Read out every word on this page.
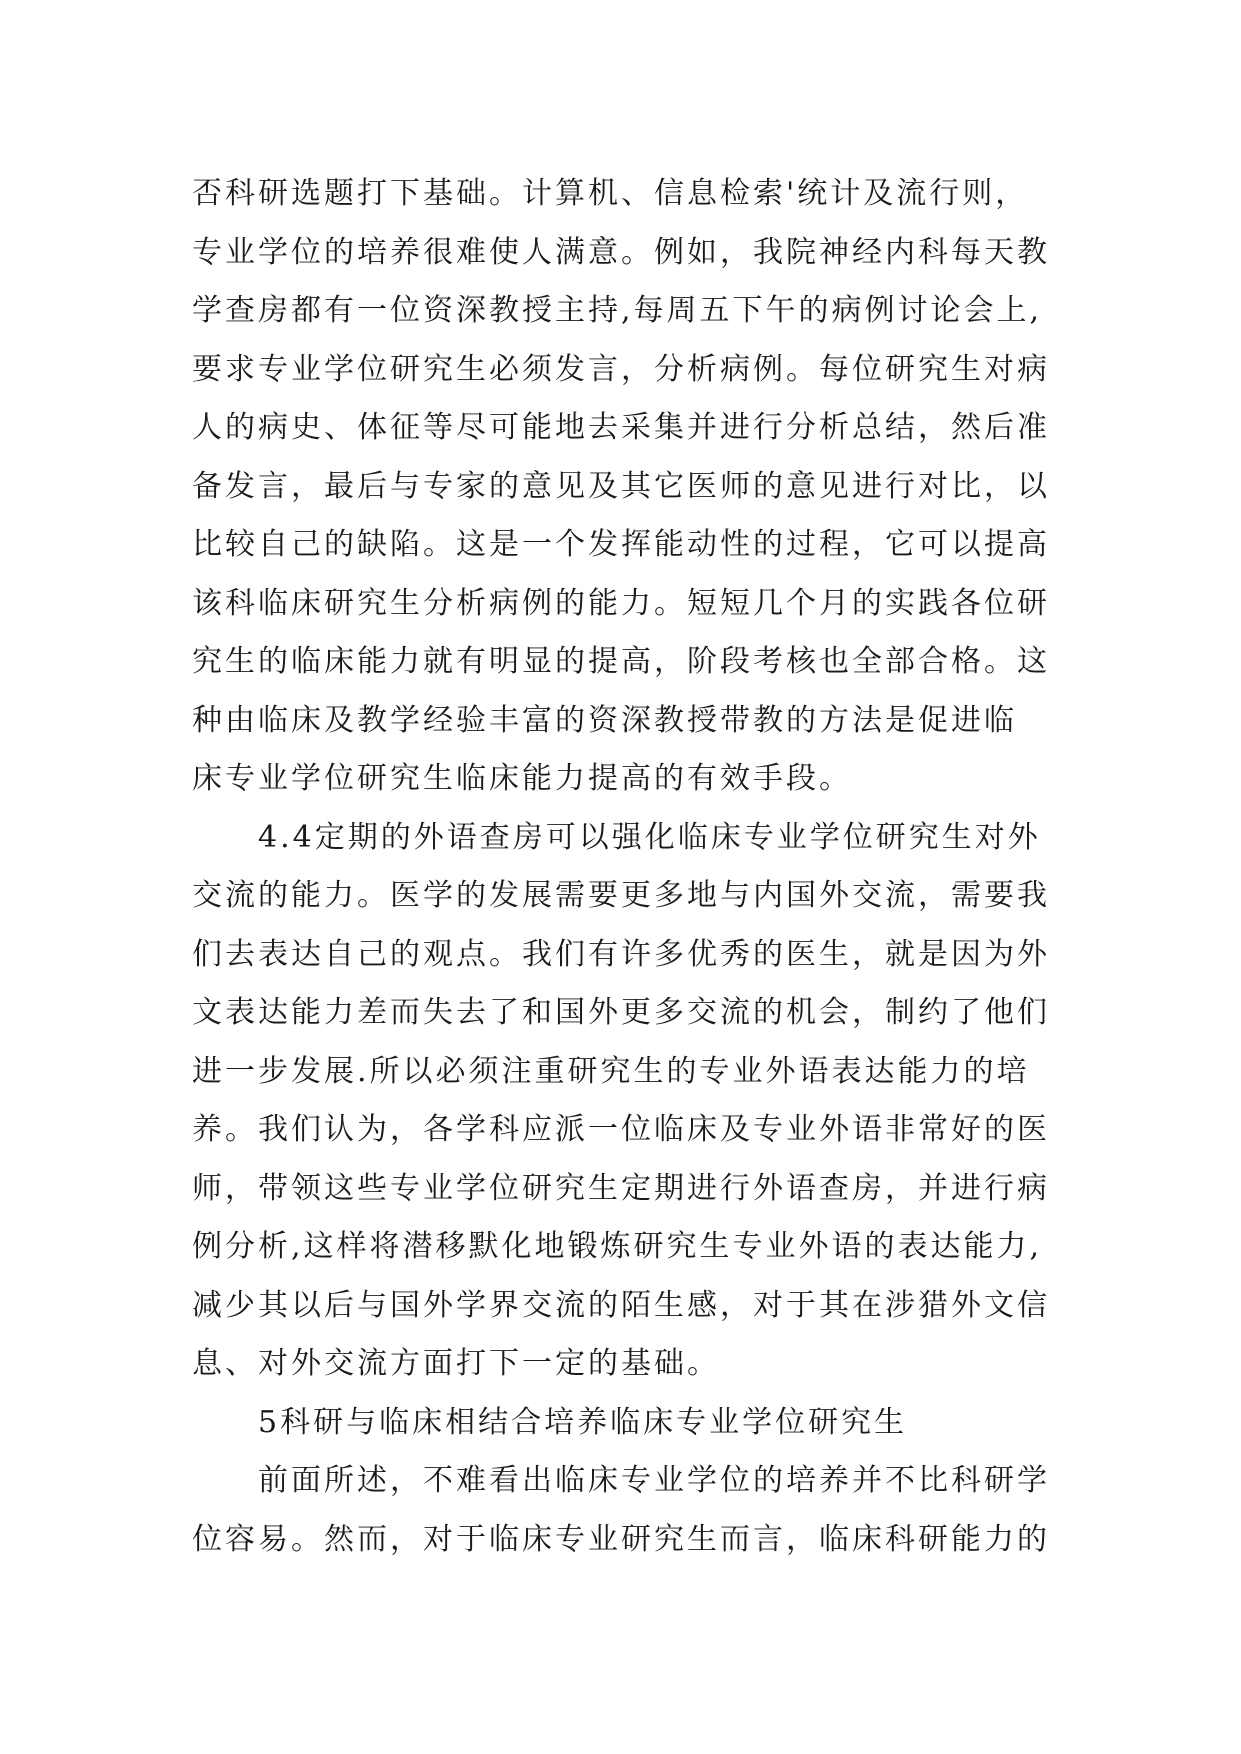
否科研选题打下基础。计算机、信息检索'统计及流行则，
专业学位的培养很难使人满意。例如，我院神经内科每天教
学查房都有一位资深教授主持,每周五下午的病例讨论会上,
要求专业学位研究生必须发言，分析病例。每位研究生对病
人的病史、体征等尽可能地去采集并进行分析总结，然后准
备发言，最后与专家的意见及其它医师的意见进行对比，以
比较自己的缺陷。这是一个发挥能动性的过程，它可以提高
该科临床研究生分析病例的能力。短短几个月的实践各位研
究生的临床能力就有明显的提高，阶段考核也全部合格。这
种由临床及教学经验丰富的资深教授带教的方法是促进临
床专业学位研究生临床能力提高的有效手段。
4.4定期的外语查房可以强化临床专业学位研究生对外
交流的能力。医学的发展需要更多地与内国外交流，需要我
们去表达自己的观点。我们有许多优秀的医生，就是因为外
文表达能力差而失去了和国外更多交流的机会，制约了他们
进一步发展.所以必须注重研究生的专业外语表达能力的培
养。我们认为，各学科应派一位临床及专业外语非常好的医
师，带领这些专业学位研究生定期进行外语查房，并进行病
例分析,这样将潜移默化地锻炼研究生专业外语的表达能力,
减少其以后与国外学界交流的陌生感，对于其在涉猎外文信
息、对外交流方面打下一定的基础。
5科研与临床相结合培养临床专业学位研究生
前面所述，不难看出临床专业学位的培养并不比科研学
位容易。然而，对于临床专业研究生而言，临床科研能力的
